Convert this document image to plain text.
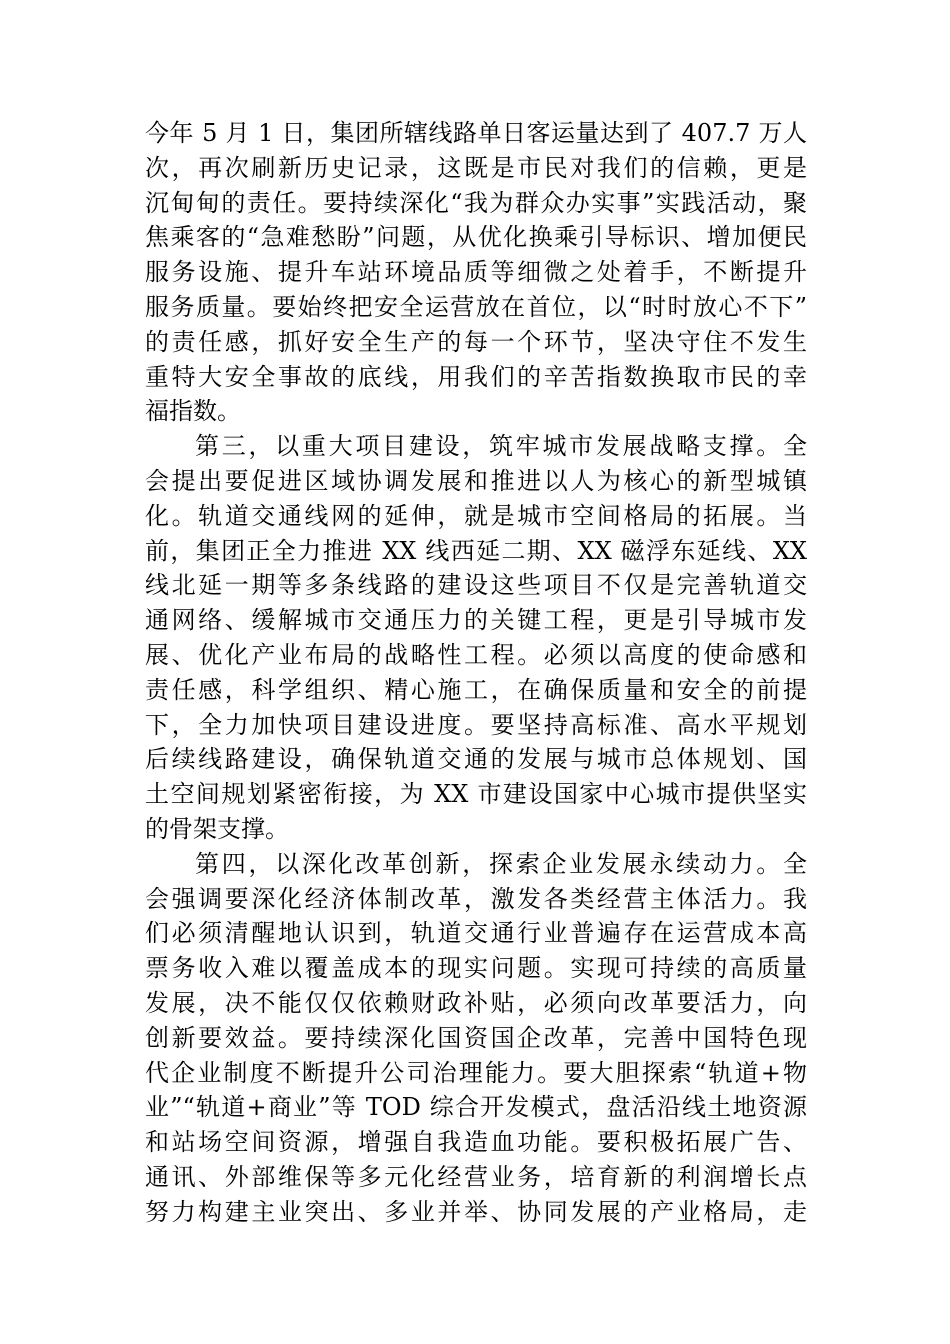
今年 5 月 1 日，集团所辖线路单日客运量达到了 407.7 万人
次，再次刷新历史记录，这既是市民对我们的信赖，更是
沉甸甸的责任。要持续深化“我为群众办实事”实践活动，聚
焦乘客的“急难愁盼”问题，从优化换乘引导标识、增加便民
服务设施、提升车站环境品质等细微之处着手，不断提升
服务质量。要始终把安全运营放在首位，以“时时放心不下”
的责任感，抓好安全生产的每一个环节，坚决守住不发生
重特大安全事故的底线，用我们的辛苦指数换取市民的幸
福指数。
第三，以重大项目建设，筑牢城市发展战略支撑。全
会提出要促进区域协调发展和推进以人为核心的新型城镇
化。轨道交通线网的延伸，就是城市空间格局的拓展。当
前，集团正全力推进 XX 线西延二期、XX 磁浮东延线、XX
线北延一期等多条线路的建设这些项目不仅是完善轨道交
通网络、缓解城市交通压力的关键工程，更是引导城市发
展、优化产业布局的战略性工程。必须以高度的使命感和
责任感，科学组织、精心施工，在确保质量和安全的前提
下，全力加快项目建设进度。要坚持高标准、高水平规划
后续线路建设，确保轨道交通的发展与城市总体规划、国
土空间规划紧密衔接，为 XX 市建设国家中心城市提供坚实
的骨架支撑。
第四，以深化改革创新，探索企业发展永续动力。全
会强调要深化经济体制改革，激发各类经营主体活力。我
们必须清醒地认识到，轨道交通行业普遍存在运营成本高
票务收入难以覆盖成本的现实问题。实现可持续的高质量
发展，决不能仅仅依赖财政补贴，必须向改革要活力，向
创新要效益。要持续深化国资国企改革，完善中国特色现
代企业制度不断提升公司治理能力。要大胆探索“轨道+物
业”“轨道+商业”等 TOD 综合开发模式，盘活沿线土地资源
和站场空间资源，增强自我造血功能。要积极拓展广告、
通讯、外部维保等多元化经营业务，培育新的利润增长点
努力构建主业突出、多业并举、协同发展的产业格局，走
